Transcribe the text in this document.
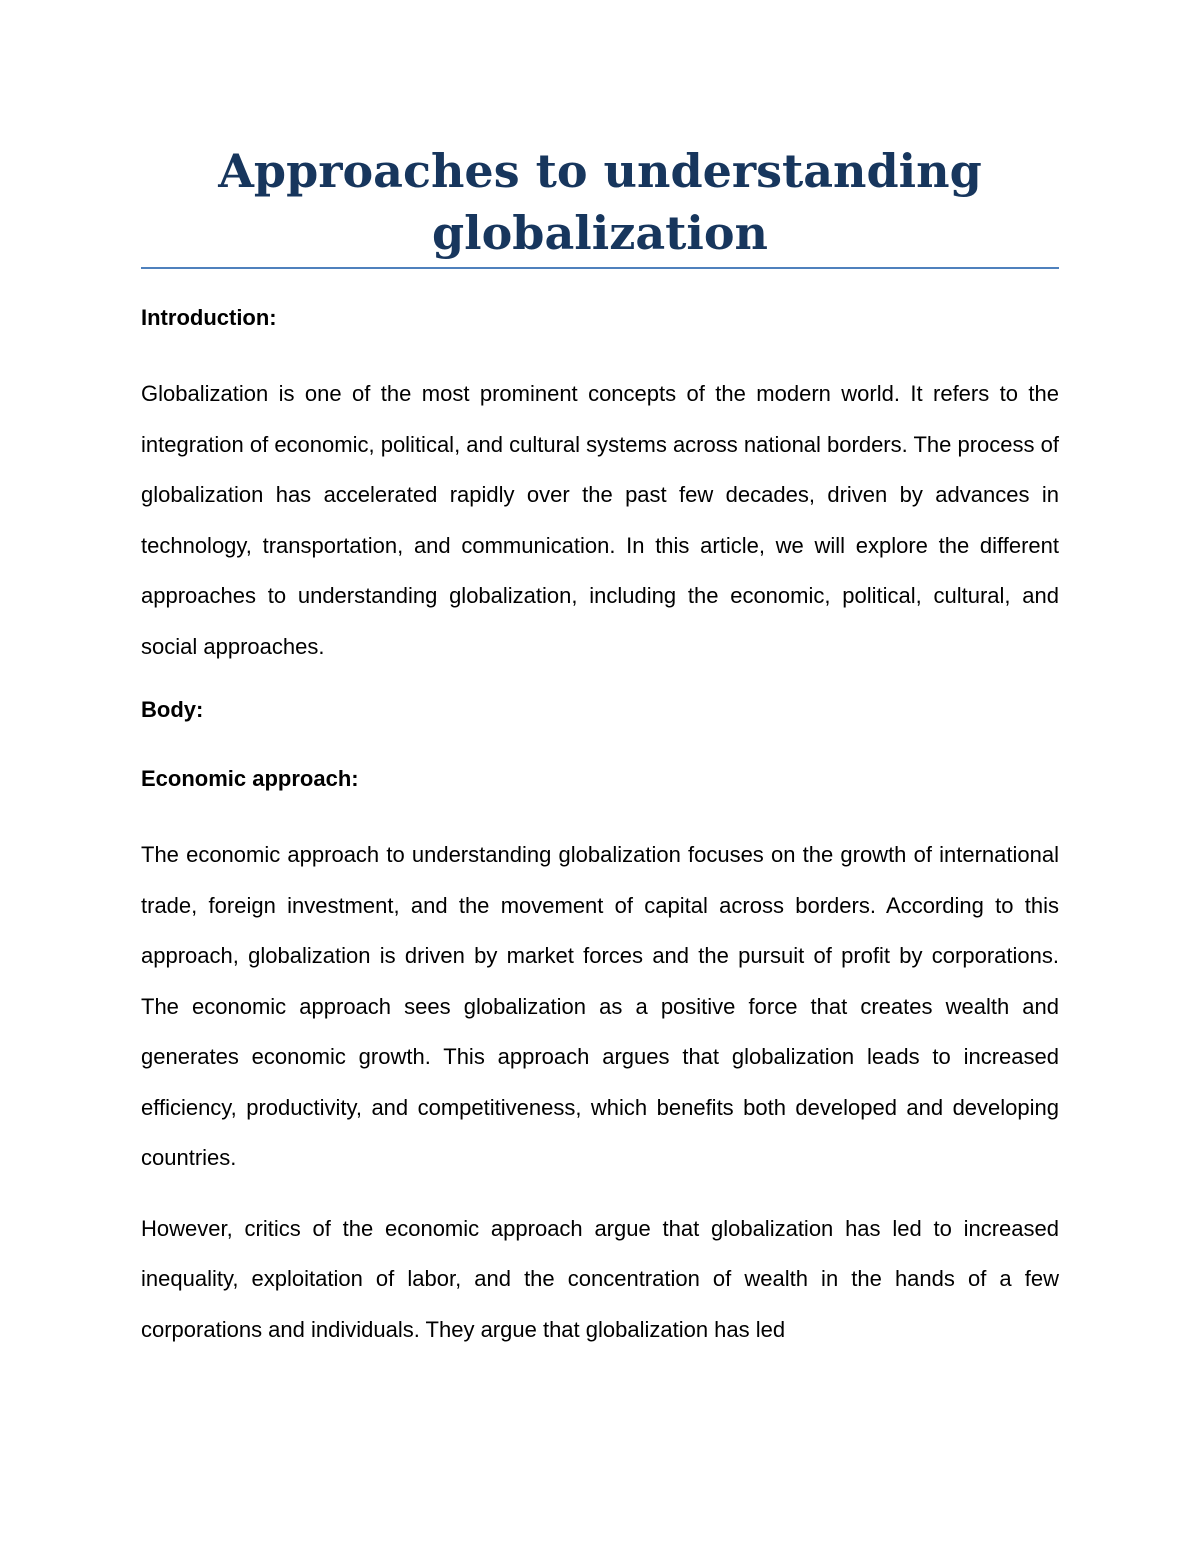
Approaches to understanding globalization

Introduction:

Globalization is one of the most prominent concepts of the modern world. It refers to the integration of economic, political, and cultural systems across national borders. The process of globalization has accelerated rapidly over the past few decades, driven by advances in technology, transportation, and communication. In this article, we will explore the different approaches to understanding globalization, including the economic, political, cultural, and social approaches.

Body:

Economic approach:

The economic approach to understanding globalization focuses on the growth of international trade, foreign investment, and the movement of capital across borders. According to this approach, globalization is driven by market forces and the pursuit of profit by corporations. The economic approach sees globalization as a positive force that creates wealth and generates economic growth. This approach argues that globalization leads to increased efficiency, productivity, and competitiveness, which benefits both developed and developing countries.

However, critics of the economic approach argue that globalization has led to increased inequality, exploitation of labor, and the concentration of wealth in the hands of a few corporations and individuals. They argue that globalization has led
